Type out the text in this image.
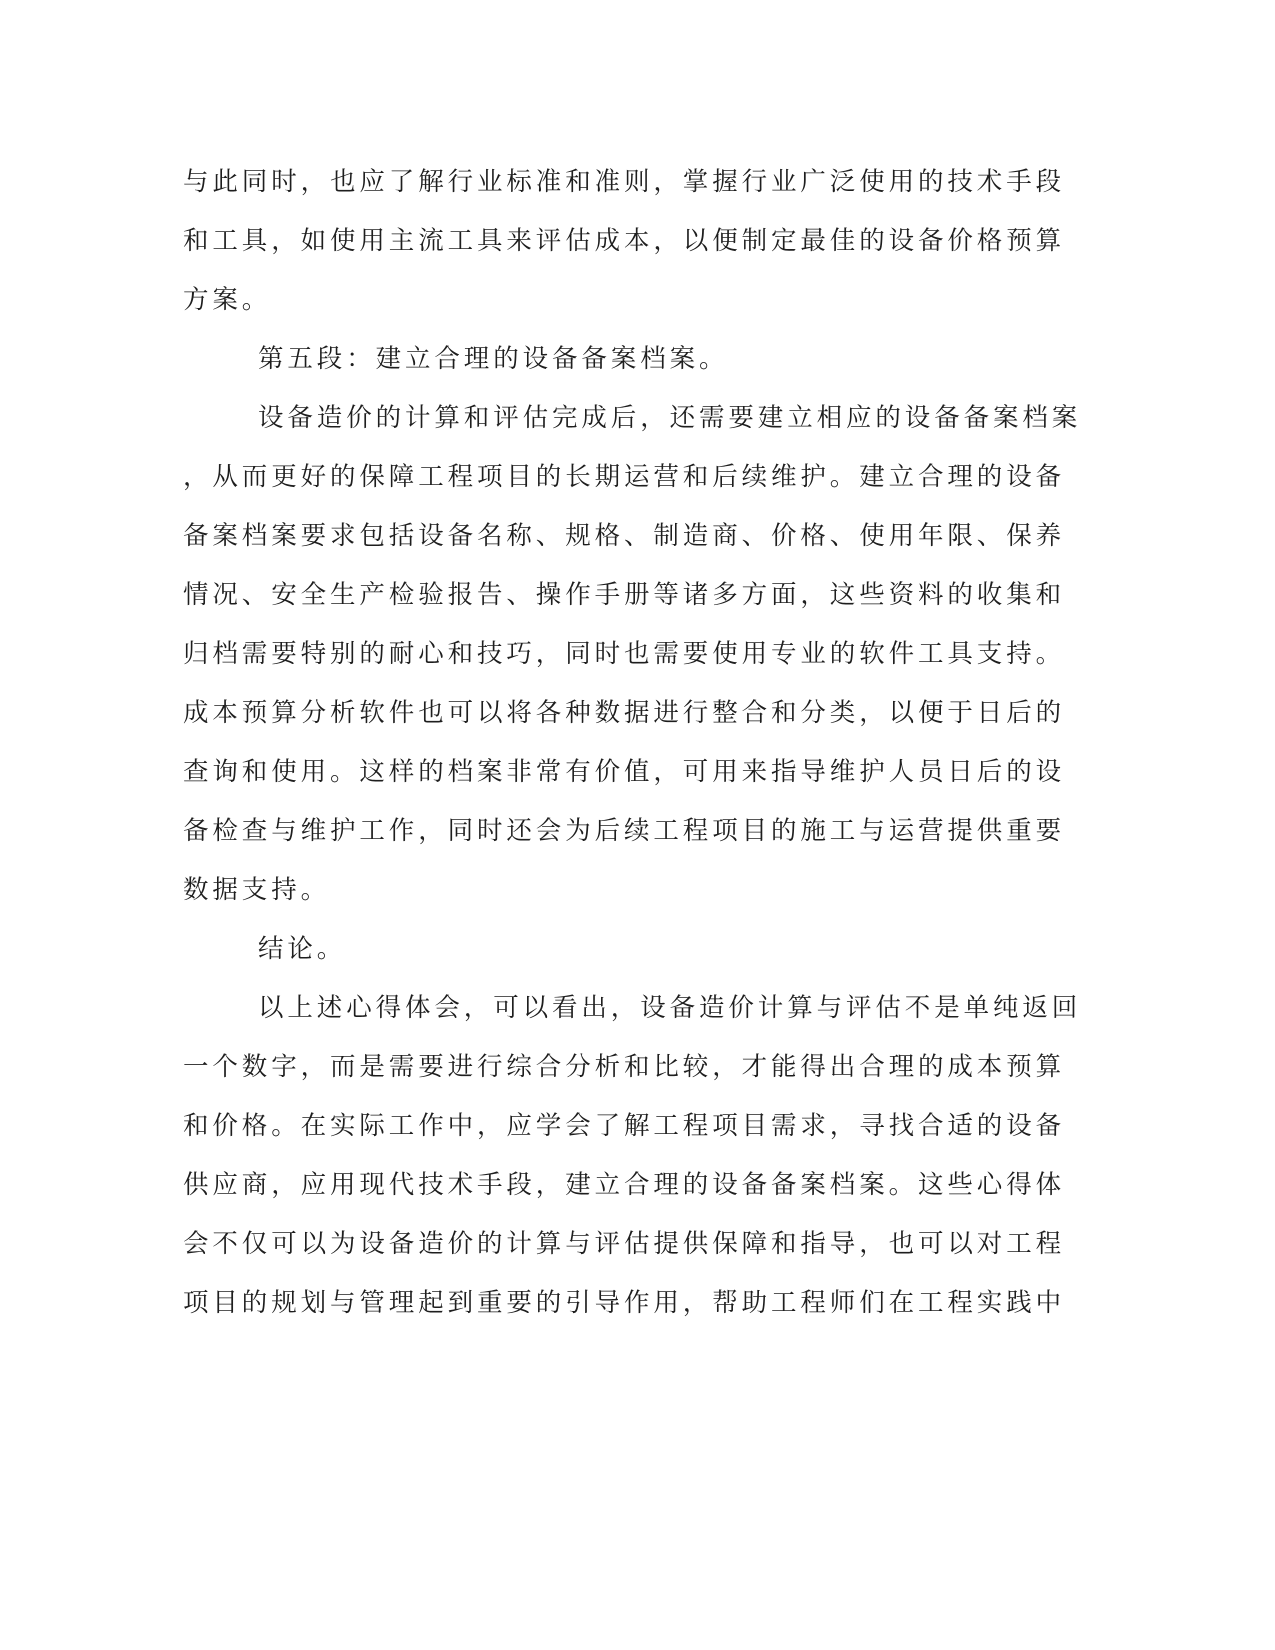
与此同时，也应了解行业标准和准则，掌握行业广泛使用的技术手段
和工具，如使用主流工具来评估成本，以便制定最佳的设备价格预算
方案。
第五段：建立合理的设备备案档案。
设备造价的计算和评估完成后，还需要建立相应的设备备案档案
，从而更好的保障工程项目的长期运营和后续维护。建立合理的设备
备案档案要求包括设备名称、规格、制造商、价格、使用年限、保养
情况、安全生产检验报告、操作手册等诸多方面，这些资料的收集和
归档需要特别的耐心和技巧，同时也需要使用专业的软件工具支持。
成本预算分析软件也可以将各种数据进行整合和分类，以便于日后的
查询和使用。这样的档案非常有价值，可用来指导维护人员日后的设
备检查与维护工作，同时还会为后续工程项目的施工与运营提供重要
数据支持。
结论。
以上述心得体会，可以看出，设备造价计算与评估不是单纯返回
一个数字，而是需要进行综合分析和比较，才能得出合理的成本预算
和价格。在实际工作中，应学会了解工程项目需求，寻找合适的设备
供应商，应用现代技术手段，建立合理的设备备案档案。这些心得体
会不仅可以为设备造价的计算与评估提供保障和指导，也可以对工程
项目的规划与管理起到重要的引导作用，帮助工程师们在工程实践中
